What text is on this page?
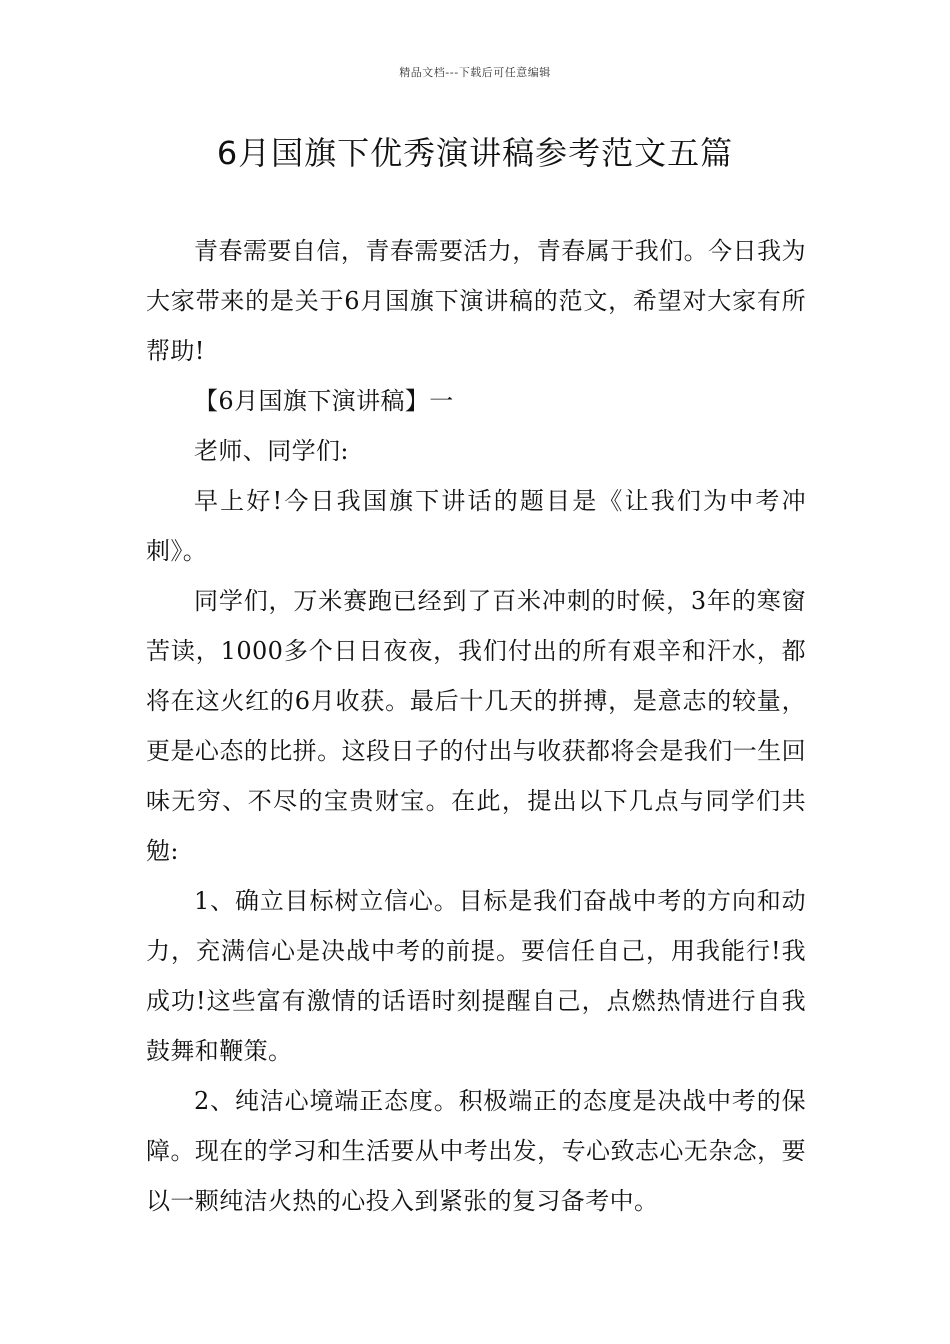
精品文档---下载后可任意编辑
6月国旗下优秀演讲稿参考范文五篇

青春需要自信，青春需要活力，青春属于我们。今日我为大家带来的是关于6月国旗下演讲稿的范文，希望对大家有所帮助!

【6月国旗下演讲稿】一

老师、同学们:

早上好!今日我国旗下讲话的题目是《让我们为中考冲刺》。

同学们，万米赛跑已经到了百米冲刺的时候，3年的寒窗苦读，1000多个日日夜夜，我们付出的所有艰辛和汗水，都将在这火红的6月收获。最后十几天的拼搏，是意志的较量，更是心态的比拼。这段日子的付出与收获都将会是我们一生回味无穷、不尽的宝贵财宝。在此，提出以下几点与同学们共勉:

1、确立目标树立信心。目标是我们奋战中考的方向和动力，充满信心是决战中考的前提。要信任自己，用我能行!我成功!这些富有激情的话语时刻提醒自己，点燃热情进行自我鼓舞和鞭策。

2、纯洁心境端正态度。积极端正的态度是决战中考的保障。现在的学习和生活要从中考出发，专心致志心无杂念，要以一颗纯洁火热的心投入到紧张的复习备考中。
